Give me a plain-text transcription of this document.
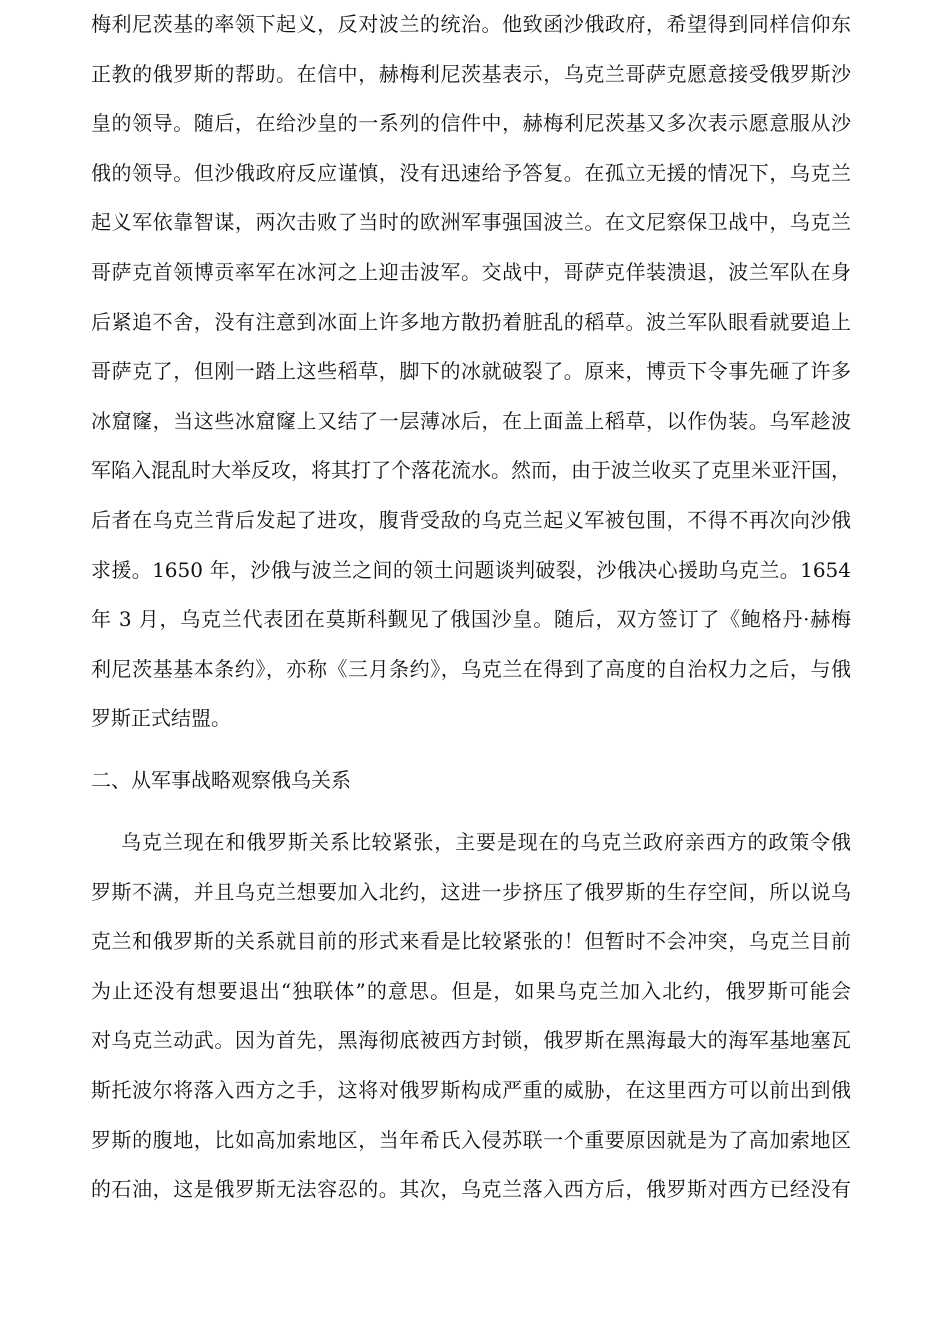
梅利尼茨基的率领下起义，反对波兰的统治。他致函沙俄政府，希望得到同样信仰东
正教的俄罗斯的帮助。在信中，赫梅利尼茨基表示，乌克兰哥萨克愿意接受俄罗斯沙
皇的领导。随后，在给沙皇的一系列的信件中，赫梅利尼茨基又多次表示愿意服从沙
俄的领导。但沙俄政府反应谨慎，没有迅速给予答复。在孤立无援的情况下，乌克兰
起义军依靠智谋，两次击败了当时的欧洲军事强国波兰。在文尼察保卫战中，乌克兰
哥萨克首领博贡率军在冰河之上迎击波军。交战中，哥萨克佯装溃退，波兰军队在身
后紧追不舍，没有注意到冰面上许多地方散扔着脏乱的稻草。波兰军队眼看就要追上
哥萨克了，但刚一踏上这些稻草，脚下的冰就破裂了。原来，博贡下令事先砸了许多
冰窟窿，当这些冰窟窿上又结了一层薄冰后，在上面盖上稻草，以作伪装。乌军趁波
军陷入混乱时大举反攻，将其打了个落花流水。然而，由于波兰收买了克里米亚汗国，
后者在乌克兰背后发起了进攻，腹背受敌的乌克兰起义军被包围，不得不再次向沙俄
求援。1650 年，沙俄与波兰之间的领土问题谈判破裂，沙俄决心援助乌克兰。1654
年 3 月，乌克兰代表团在莫斯科觐见了俄国沙皇。随后，双方签订了《鲍格丹·赫梅
利尼茨基基本条约》，亦称《三月条约》，乌克兰在得到了高度的自治权力之后，与俄
罗斯正式结盟。
二、从军事战略观察俄乌关系
乌克兰现在和俄罗斯关系比较紧张，主要是现在的乌克兰政府亲西方的政策令俄
罗斯不满，并且乌克兰想要加入北约，这进一步挤压了俄罗斯的生存空间，所以说乌
克兰和俄罗斯的关系就目前的形式来看是比较紧张的！但暂时不会冲突，乌克兰目前
为止还没有想要退出“独联体”的意思。但是，如果乌克兰加入北约，俄罗斯可能会
对乌克兰动武。因为首先，黑海彻底被西方封锁，俄罗斯在黑海最大的海军基地塞瓦
斯托波尔将落入西方之手，这将对俄罗斯构成严重的威胁，在这里西方可以前出到俄
罗斯的腹地，比如高加索地区，当年希氏入侵苏联一个重要原因就是为了高加索地区
的石油，这是俄罗斯无法容忍的。其次，乌克兰落入西方后，俄罗斯对西方已经没有
